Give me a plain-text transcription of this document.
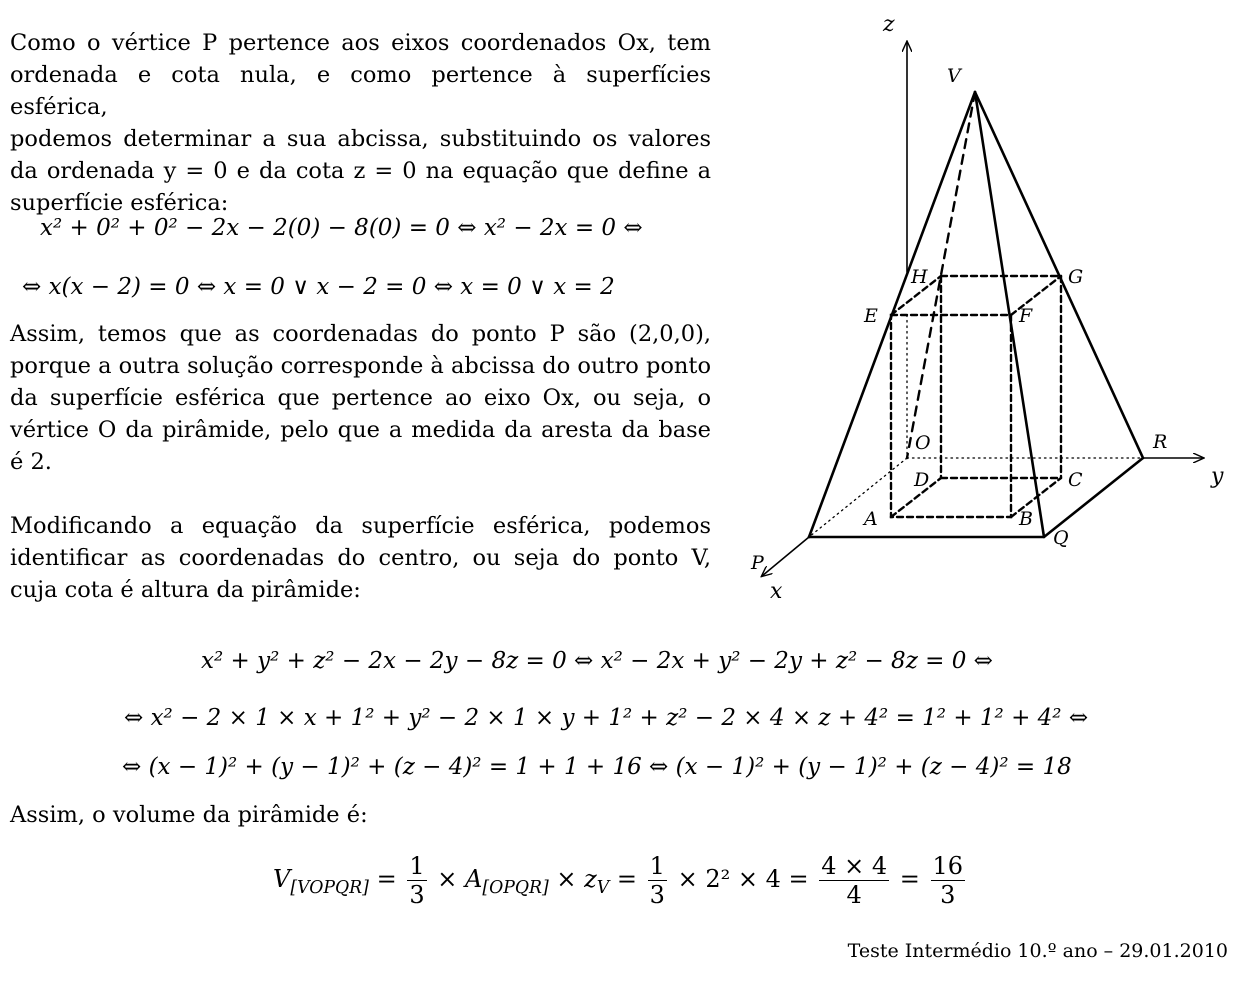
Como o vértice P pertence aos eixos coordenados Ox, tem
ordenada e cota nula, e como pertence à superfícies esférica,
podemos determinar a sua abcissa, substituindo os valores
da ordenada y = 0 e da cota z = 0 na equação que define a
superfície esférica:
x² + 0² + 0² − 2x − 2(0) − 8(0) = 0 ⇔ x² − 2x = 0 ⇔
⇔ x(x − 2) = 0 ⇔ x = 0 ∨ x − 2 = 0 ⇔ x = 0 ∨ x = 2
Assim, temos que as coordenadas do ponto P são (2,0,0),
porque a outra solução corresponde à abcissa do outro ponto
da superfície esférica que pertence ao eixo Ox, ou seja, o
vértice O da pirâmide, pelo que a medida da aresta da base
é 2.
Modificando a equação da superfície esférica, podemos
identificar as coordenadas do centro, ou seja do ponto V,
cuja cota é altura da pirâmide:
z
y
x
V
H	G
E	F
O	R
D	C
A	B
Q
P
x² + y² + z² − 2x − 2y − 8z = 0 ⇔ x² − 2x + y² − 2y + z² − 8z = 0 ⇔
⇔ x² − 2 × 1 × x + 1² + y² − 2 × 1 × y + 1² + z² − 2 × 4 × z + 4² = 1² + 1² + 4² ⇔
⇔ (x − 1)² + (y − 1)² + (z − 4)² = 1 + 1 + 16 ⇔ (x − 1)² + (y − 1)² + (z − 4)² = 18
Assim, o volume da pirâmide é:
$V_{[VOPQR]} = \frac{1}{3} \times A_{[OPQR]} \times z_V = \frac{1}{3} \times 2^2 \times 4 = \frac{4 \times 4}{4} = \frac{16}{3}$
Teste Intermédio 10.º ano – 29.01.2010
